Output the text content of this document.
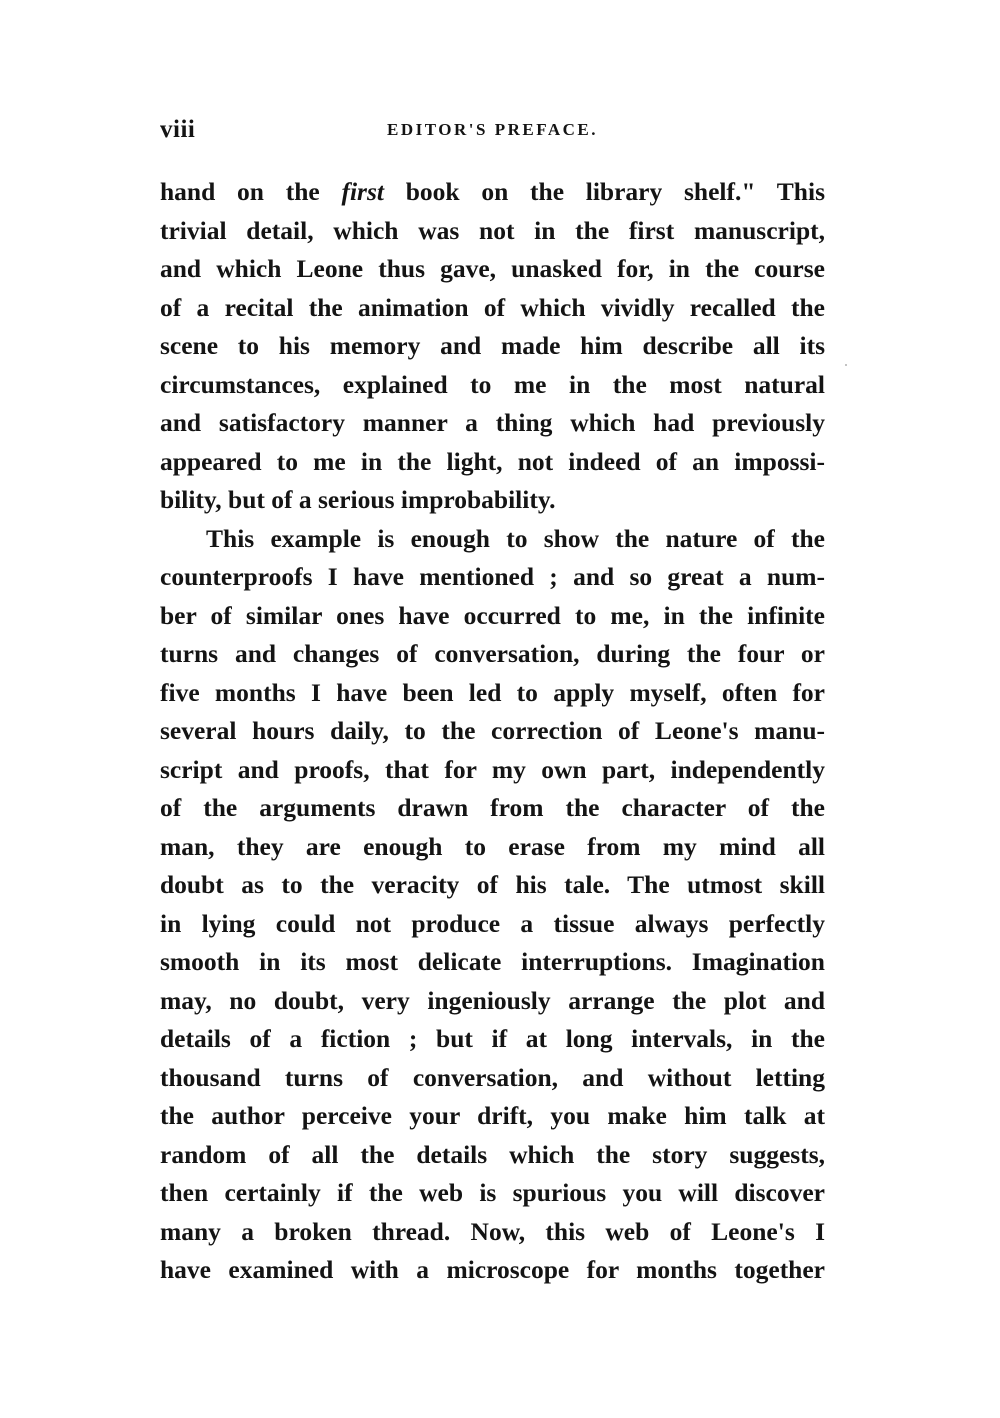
viii	EDITOR'S PREFACE.
hand on the first book on the library shelf." This
trivial detail, which was not in the first manuscript,
and which Leone thus gave, unasked for, in the course
of a recital the animation of which vividly recalled the
scene to his memory and made him describe all its
circumstances, explained to me in the most natural
and satisfactory manner a thing which had previously
appeared to me in the light, not indeed of an impossi-
bility, but of a serious improbability.
This example is enough to show the nature of the
counterproofs I have mentioned ; and so great a num-
ber of similar ones have occurred to me, in the infinite
turns and changes of conversation, during the four or
five months I have been led to apply myself, often for
several hours daily, to the correction of Leone's manu-
script and proofs, that for my own part, independently
of the arguments drawn from the character of the
man, they are enough to erase from my mind all
doubt as to the veracity of his tale. The utmost skill
in lying could not produce a tissue always perfectly
smooth in its most delicate interruptions. Imagination
may, no doubt, very ingeniously arrange the plot and
details of a fiction ; but if at long intervals, in the
thousand turns of conversation, and without letting
the author perceive your drift, you make him talk at
random of all the details which the story suggests,
then certainly if the web is spurious you will discover
many a broken thread. Now, this web of Leone's I
have examined with a microscope for months together
